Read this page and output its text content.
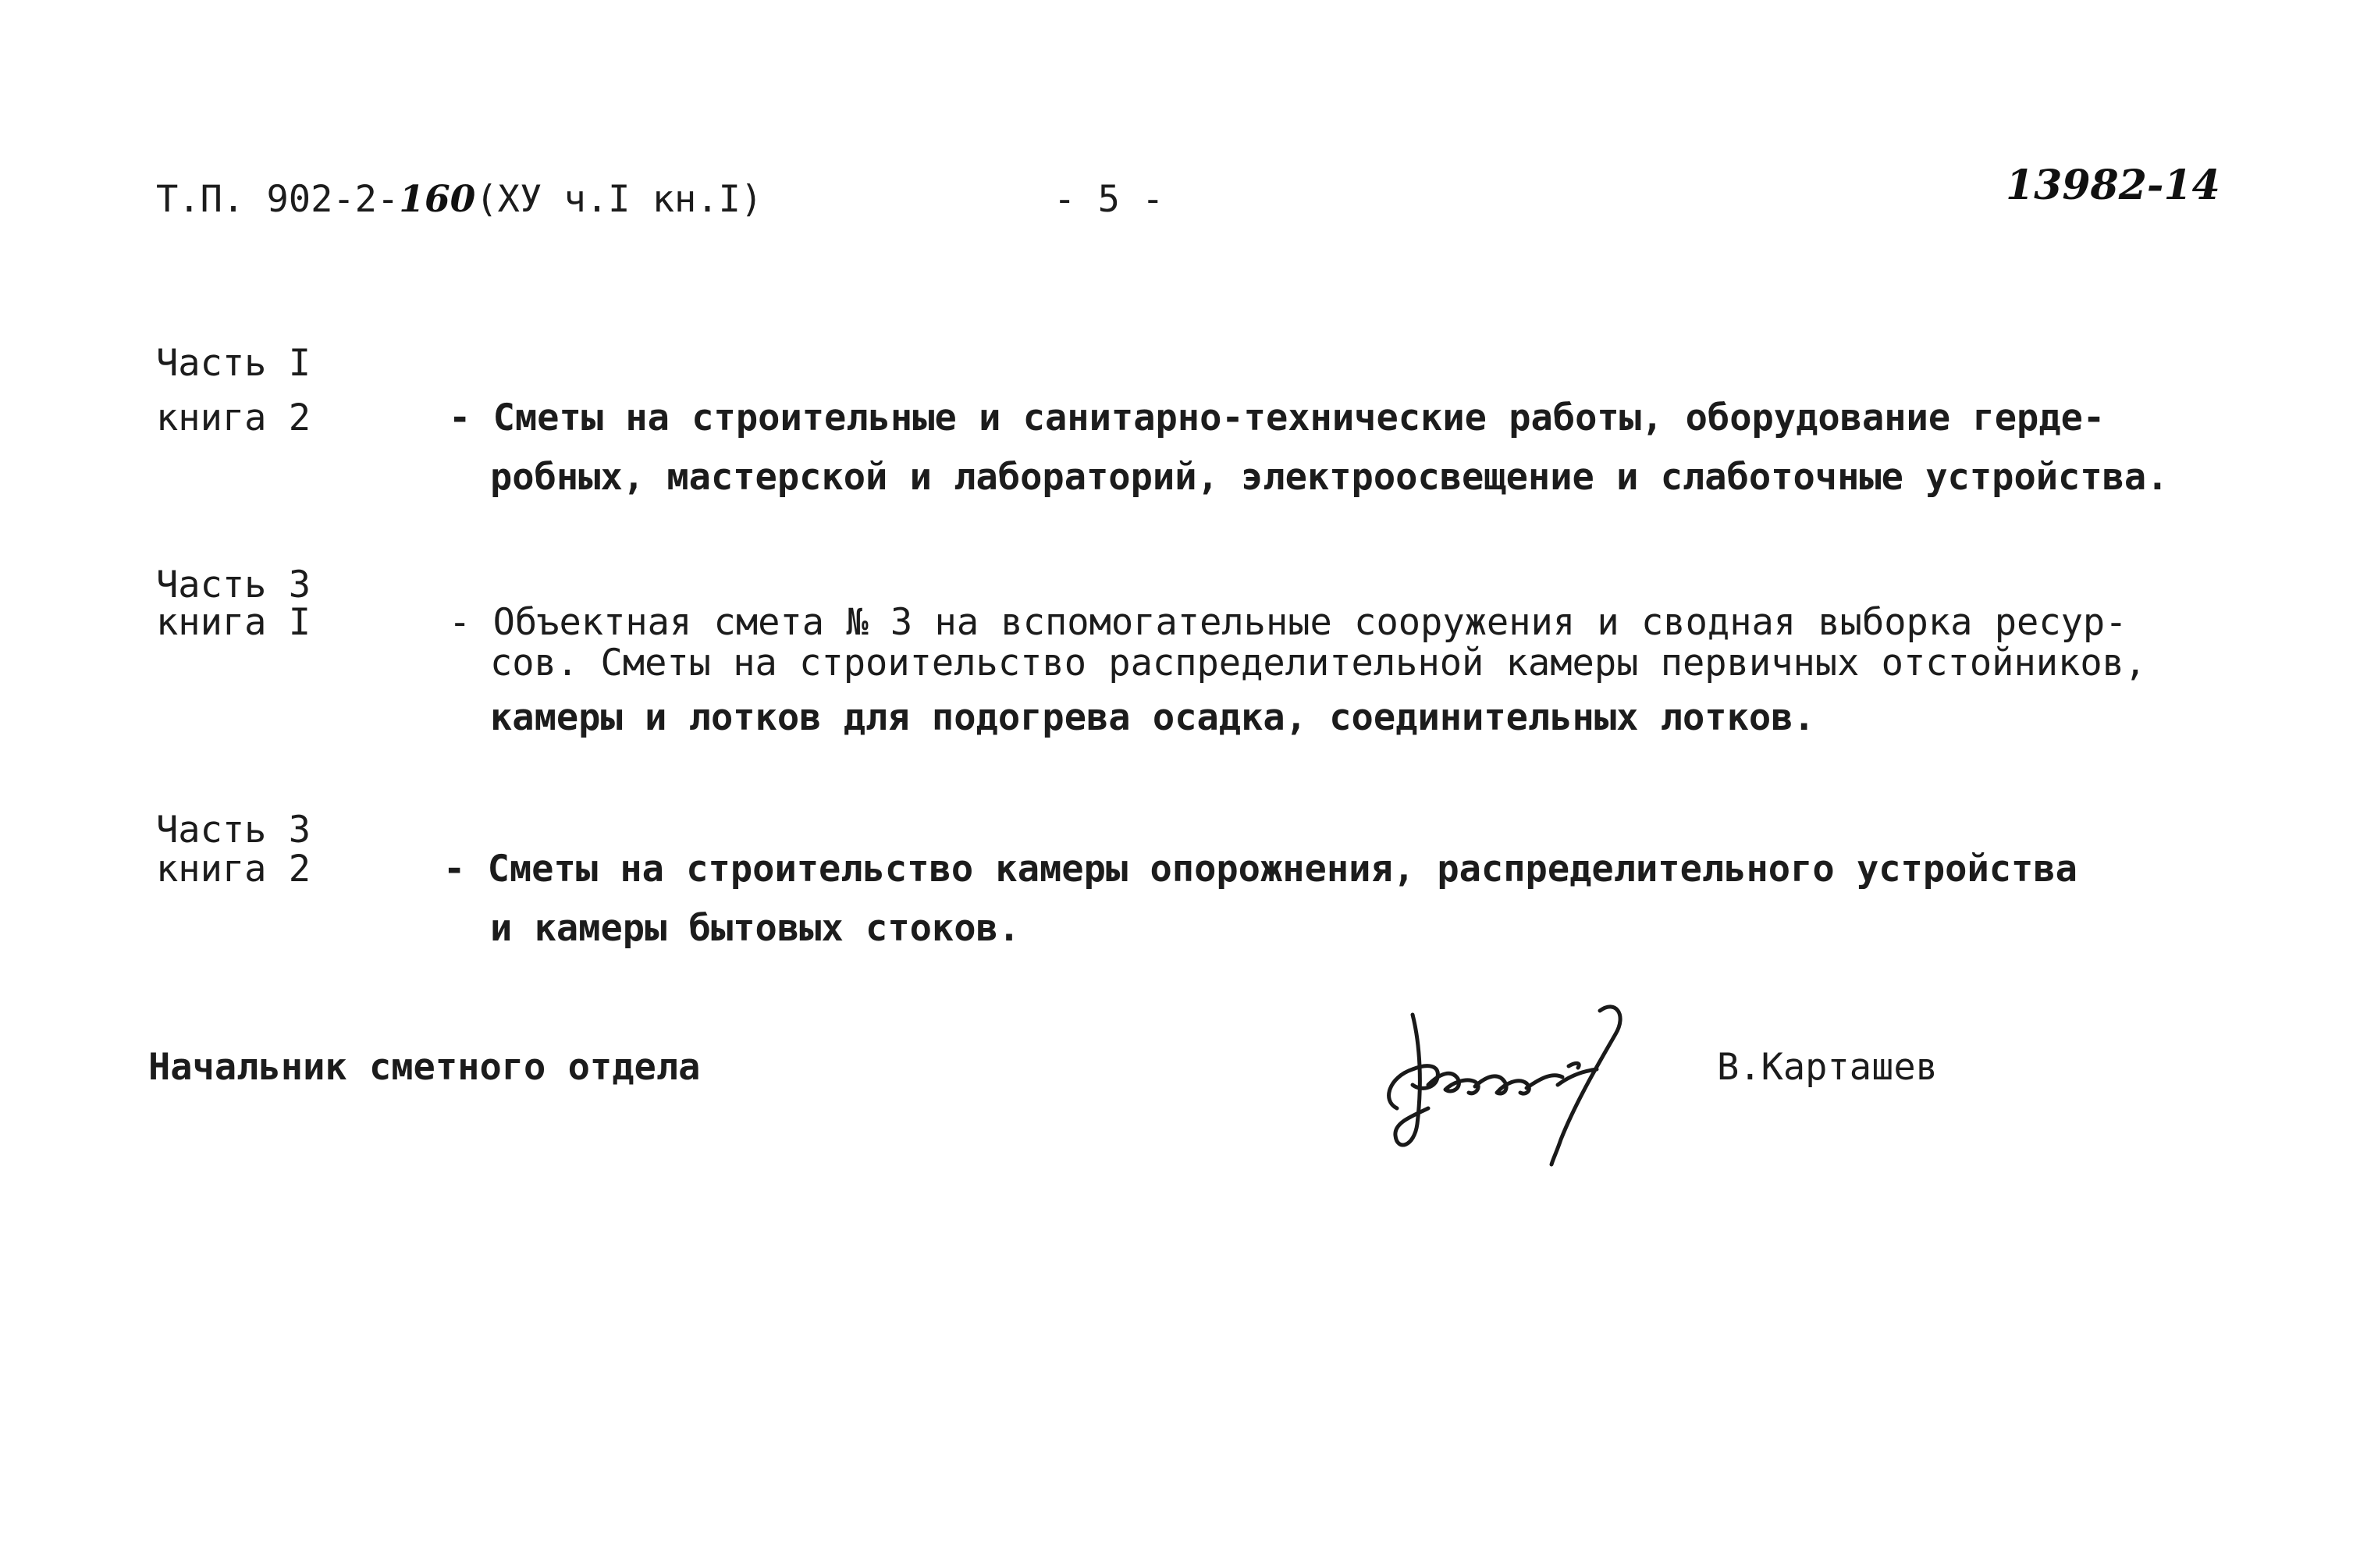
Т.П. 902-2-160(ХУ ч.I кн.I)	- 5 -	13982-14
Часть I
книга 2	- Сметы на строительные и санитарно-технические работы, оборудование герде-
робных, мастерской и лабораторий, электроосвещение и слаботочные устройства.
Часть 3
книга I	- Объектная смета № 3 на вспомогательные сооружения и сводная выборка ресур-
сов. Сметы на строительство распределительной камеры первичных отстойников,
камеры и лотков для подогрева осадка, соединительных лотков.
Часть 3
книга 2	- Сметы на строительство камеры опорожнения, распределительного устройства
и камеры бытовых стоков.
Начальник сметного отдела	В.Карташев
